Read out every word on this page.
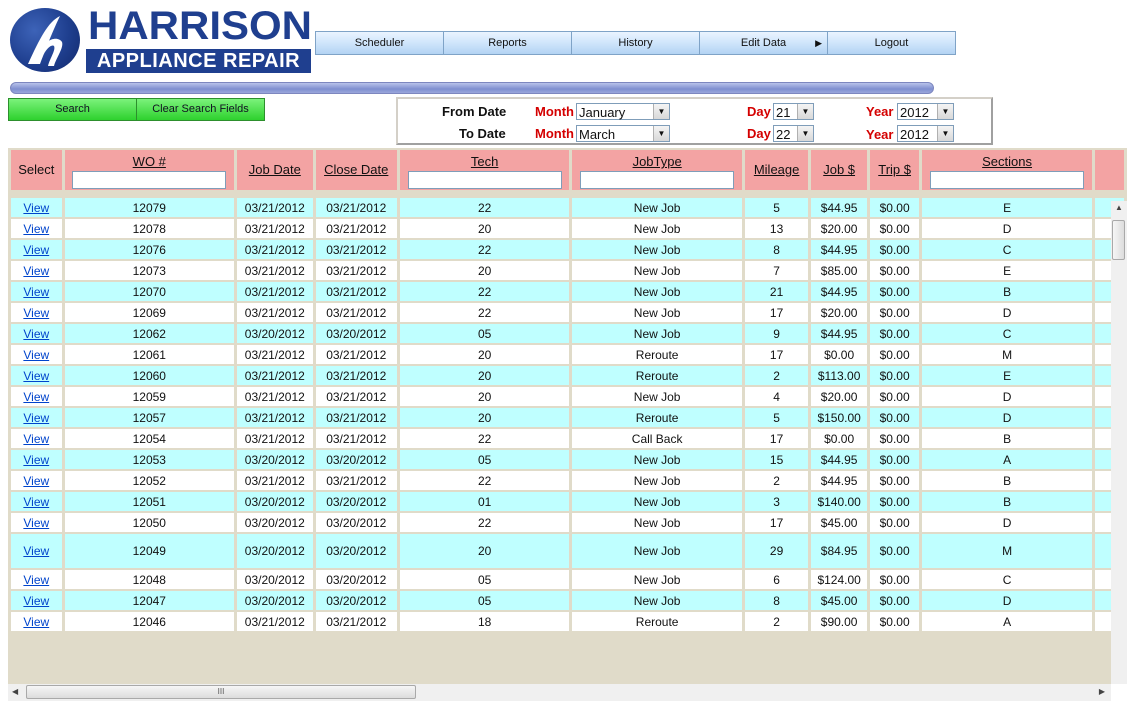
HARRISON
APPLIANCE REPAIR
Scheduler	Reports	History	Edit Data	▶	Logout
Search	Clear Search Fields	From Date
To Date
Month January	▼
Month March	▼
Day 21	▼
Day 22	▼
Year 2012	▼
Year 2012	▼
Select	WO #	Job Date	Close Date	Tech	JobType	Mileage	Job $	Trip $	Sections	

View	12079	03/21/2012	03/21/2012	22	New Job	5	$44.95	$0.00	E	
View	12078	03/21/2012	03/21/2012	20	New Job	13	$20.00	$0.00	D	
View	12076	03/21/2012	03/21/2012	22	New Job	8	$44.95	$0.00	C	
View	12073	03/21/2012	03/21/2012	20	New Job	7	$85.00	$0.00	E	
View	12070	03/21/2012	03/21/2012	22	New Job	21	$44.95	$0.00	B	
View	12069	03/21/2012	03/21/2012	22	New Job	17	$20.00	$0.00	D	
View	12062	03/20/2012	03/20/2012	05	New Job	9	$44.95	$0.00	C	
View	12061	03/21/2012	03/21/2012	20	Reroute	17	$0.00	$0.00	M	
View	12060	03/21/2012	03/21/2012	20	Reroute	2	$113.00	$0.00	E	
View	12059	03/21/2012	03/21/2012	20	New Job	4	$20.00	$0.00	D	
View	12057	03/21/2012	03/21/2012	20	Reroute	5	$150.00	$0.00	D	
View	12054	03/21/2012	03/21/2012	22	Call Back	17	$0.00	$0.00	B	
View	12053	03/20/2012	03/20/2012	05	New Job	15	$44.95	$0.00	A	
View	12052	03/21/2012	03/21/2012	22	New Job	2	$44.95	$0.00	B	
View	12051	03/20/2012	03/20/2012	01	New Job	3	$140.00	$0.00	B	
View	12050	03/20/2012	03/20/2012	22	New Job	17	$45.00	$0.00	D	
View	12049	03/20/2012	03/20/2012	20	New Job	29	$84.95	$0.00	M	
View	12048	03/20/2012	03/20/2012	05	New Job	6	$124.00	$0.00	C	
View	12047	03/20/2012	03/20/2012	05	New Job	8	$45.00	$0.00	D	
View	12046	03/21/2012	03/21/2012	18	Reroute	2	$90.00	$0.00	A	
▲
◀	III	▶
